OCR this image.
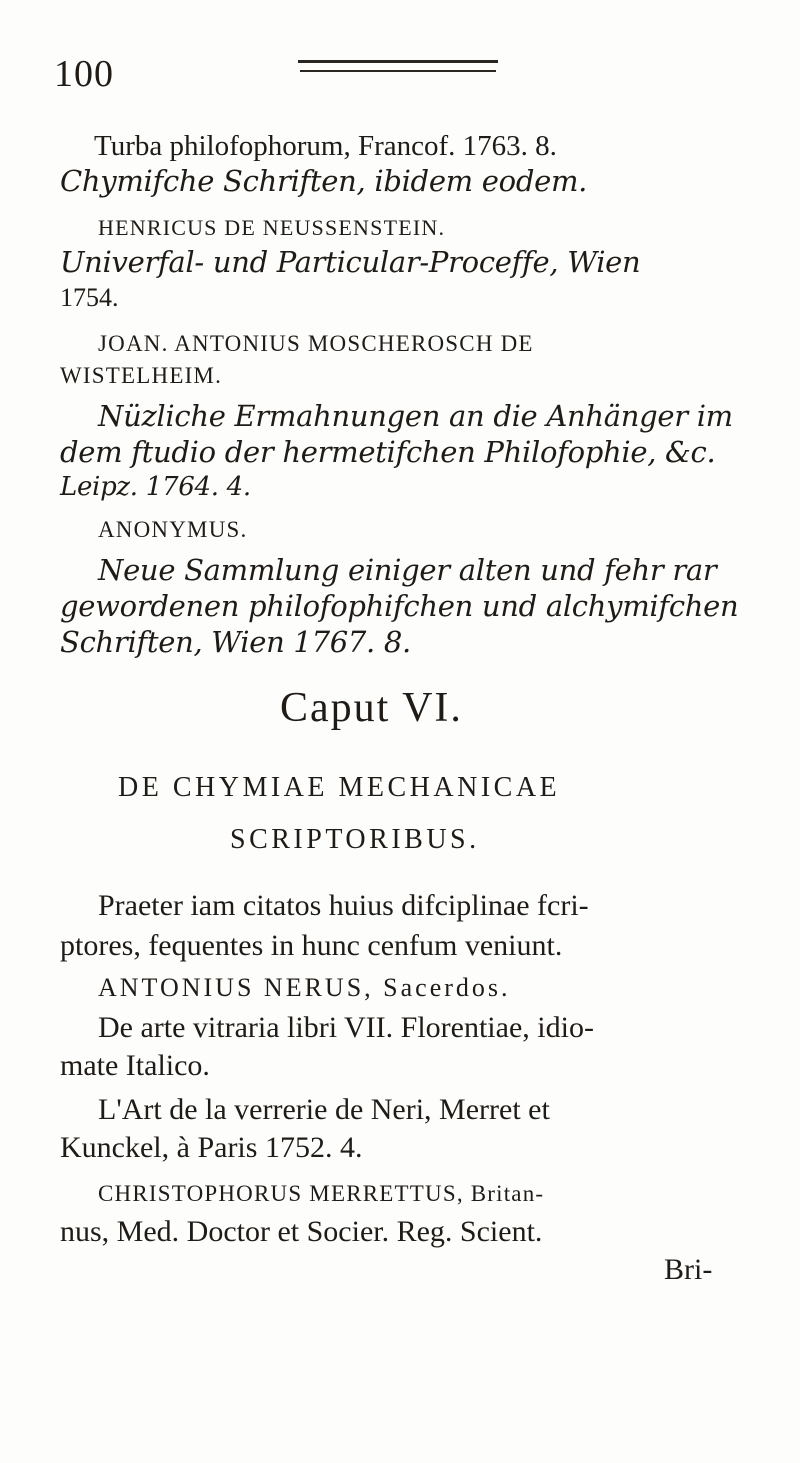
100
Turba philofophorum, Francof. 1763. 8.
Chymifche Schriften, ibidem eodem.
HENRICUS DE NEUSSENSTEIN.
Univerfal- und Particular-Proceffe, Wien
1754.
JOAN. ANTONIUS MOSCHEROSCH DE
WISTELHEIM.
Nüzliche Ermahnungen an die Anhänger im
dem ftudio der hermetifchen Philofophie, &c.
Leipz. 1764. 4.
ANONYMUS.
Neue Sammlung einiger alten und fehr rar
gewordenen philofophifchen und alchymifchen
Schriften, Wien 1767. 8.
Caput VI.
DE CHYMIAE MECHANICAE
SCRIPTORIBUS.
Praeter iam citatos huius difciplinae fcri-
ptores, fequentes in hunc cenfum veniunt.
ANTONIUS NERUS, Sacerdos.
De arte vitraria libri VII. Florentiae, idio-
mate Italico.
L'Art de la verrerie de Neri, Merret et
Kunckel, à Paris 1752. 4.
CHRISTOPHORUS MERRETTUS, Britan-
nus, Med. Doctor et Socier. Reg. Scient.
Bri-
